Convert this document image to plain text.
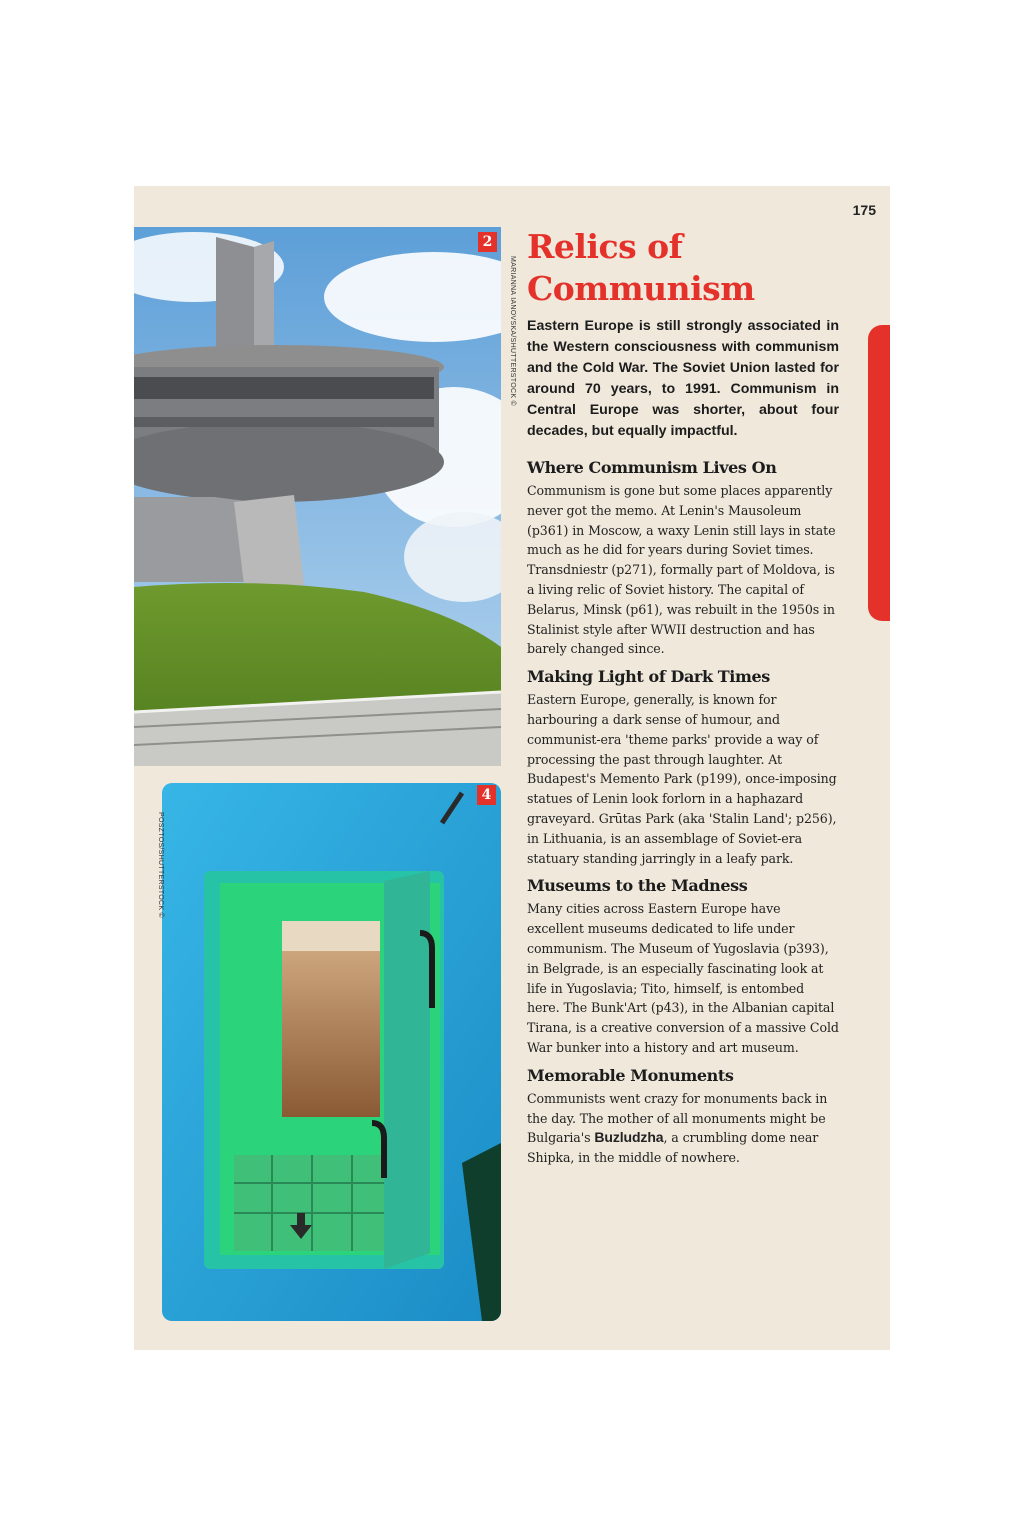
175
2
MARIANNA IANOVSKA/SHUTTERSTOCK ©
4
POSZTOS/SHUTTERSTOCK ©
Relics of
Communism

Eastern Europe is still strongly associated in the Western consciousness with communism and the Cold War. The Soviet Union lasted for around 70 years, to 1991. Communism in Central Europe was shorter, about four decades, but equally impactful.

Where Communism Lives On

Communism is gone but some places apparently never got the memo. At Lenin's Mausoleum (p361) in Moscow, a waxy Lenin still lays in state much as he did for years during Soviet times. Transdniestr (p271), formally part of Moldova, is a living relic of Soviet history. The capital of Belarus, Minsk (p61), was rebuilt in the 1950s in Stalinist style after WWII destruction and has barely changed since.

Making Light of Dark Times

Eastern Europe, generally, is known for harbouring a dark sense of humour, and communist-era 'theme parks' provide a way of processing the past through laughter. At Budapest's Memento Park (p199), once-imposing statues of Lenin look forlorn in a haphazard graveyard. Grūtas Park (aka 'Stalin Land'; p256), in Lithuania, is an assemblage of Soviet-era statuary standing jarringly in a leafy park.

Museums to the Madness

Many cities across Eastern Europe have excellent museums dedicated to life under communism. The Museum of Yugoslavia (p393), in Belgrade, is an especially fascinating look at life in Yugoslavia; Tito, himself, is entombed here. The Bunk'Art (p43), in the Albanian capital Tirana, is a creative conversion of a massive Cold War bunker into a history and art museum.

Memorable Monuments

Communists went crazy for monuments back in the day. The mother of all monuments might be Bulgaria's Buzludzha, a crumbling dome near Shipka, in the middle of nowhere.
